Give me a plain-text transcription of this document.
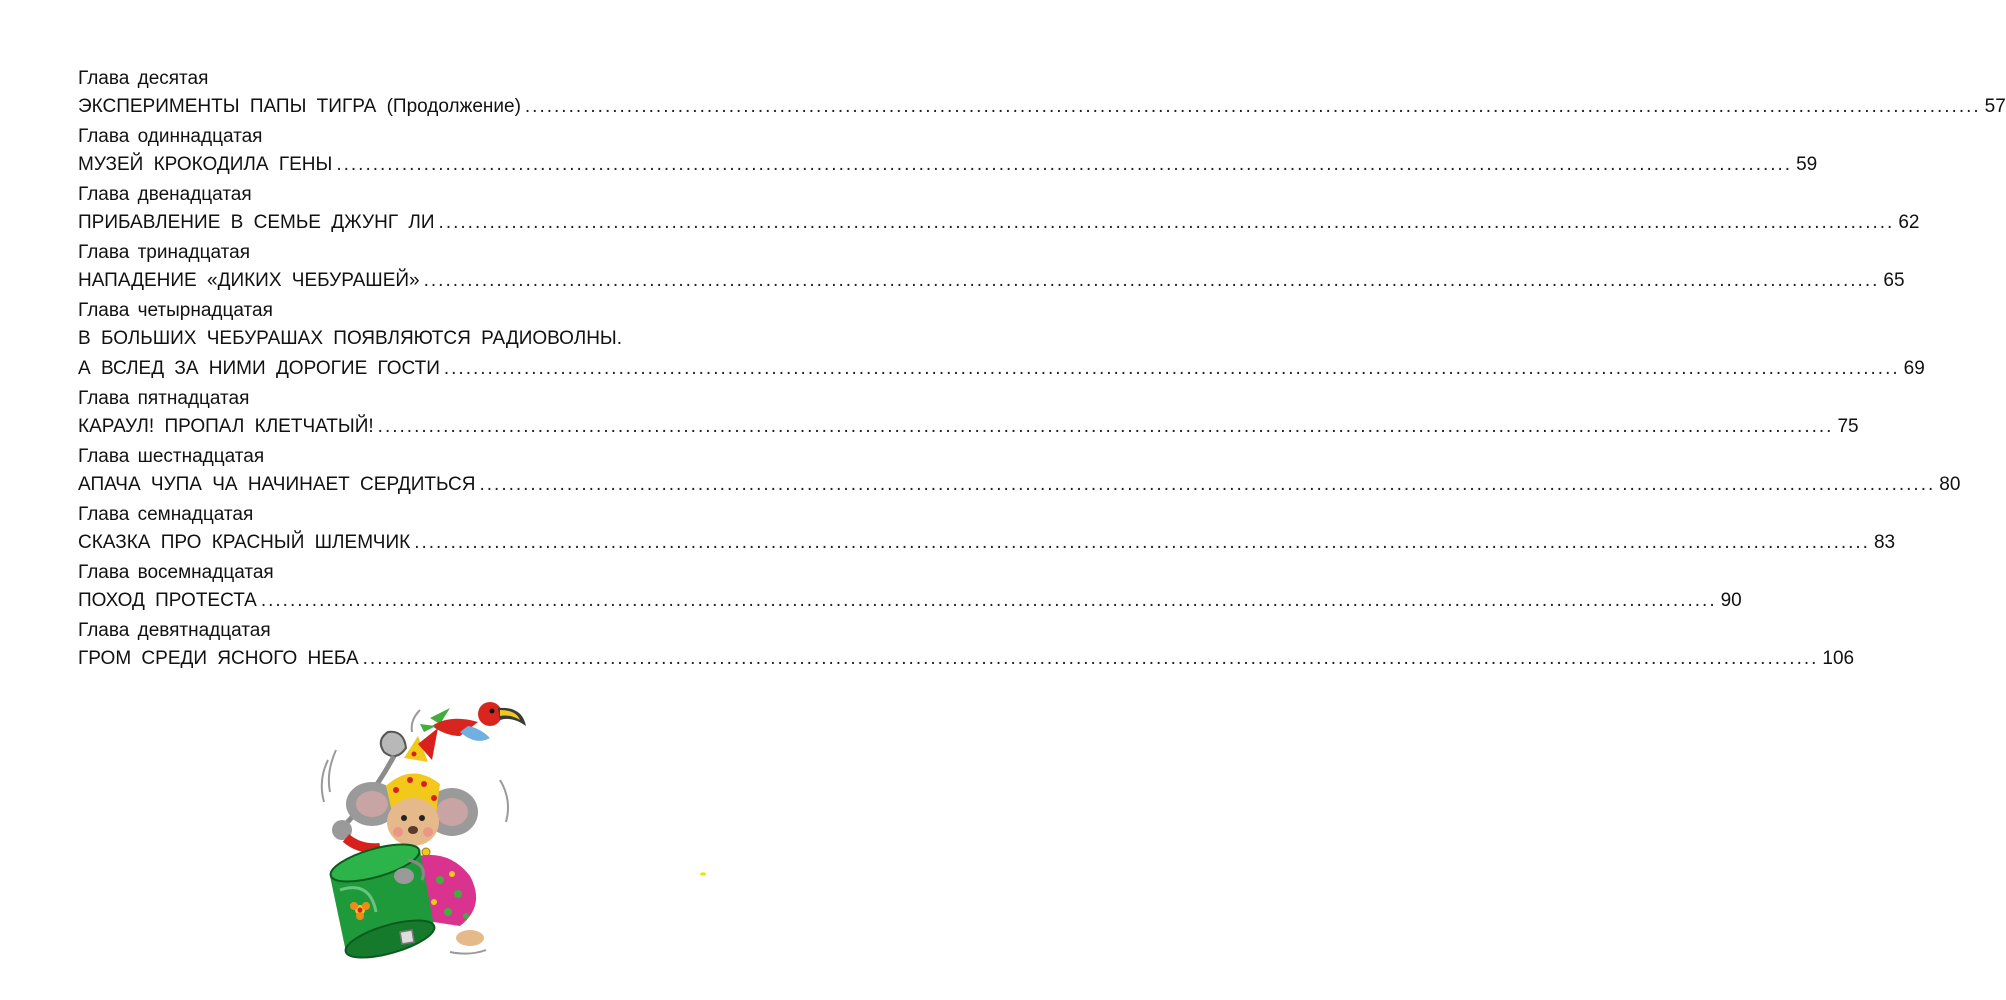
Глава десятая
ЭКСПЕРИМЕНТЫ ПАПЫ ТИГРА (Продолжение) ........................................................................................................................................................................................................ 57
Глава одиннадцатая
МУЗЕЙ КРОКОДИЛА ГЕНЫ ........................................................................................................................................................................................................ 59
Глава двенадцатая
ПРИБАВЛЕНИЕ В СЕМЬЕ ДЖУНГ ЛИ ........................................................................................................................................................................................................ 62
Глава тринадцатая
НАПАДЕНИЕ «ДИКИХ ЧЕБУРАШЕЙ» ........................................................................................................................................................................................................ 65
Глава четырнадцатая
В БОЛЬШИХ ЧЕБУРАШАХ ПОЯВЛЯЮТСЯ РАДИОВОЛНЫ.
А ВСЛЕД ЗА НИМИ ДОРОГИЕ ГОСТИ ........................................................................................................................................................................................................ 69
Глава пятнадцатая
КАРАУЛ! ПРОПАЛ КЛЕТЧАТЫЙ! ........................................................................................................................................................................................................ 75
Глава шестнадцатая
АПАЧА ЧУПА ЧА НАЧИНАЕТ СЕРДИТЬСЯ ........................................................................................................................................................................................................ 80
Глава семнадцатая
СКАЗКА ПРО КРАСНЫЙ ШЛЕМЧИК ........................................................................................................................................................................................................ 83
Глава восемнадцатая
ПОХОД ПРОТЕСТА ........................................................................................................................................................................................................ 90
Глава девятнадцатая
ГРОМ СРЕДИ ЯСНОГО НЕБА ........................................................................................................................................................................................................ 106
